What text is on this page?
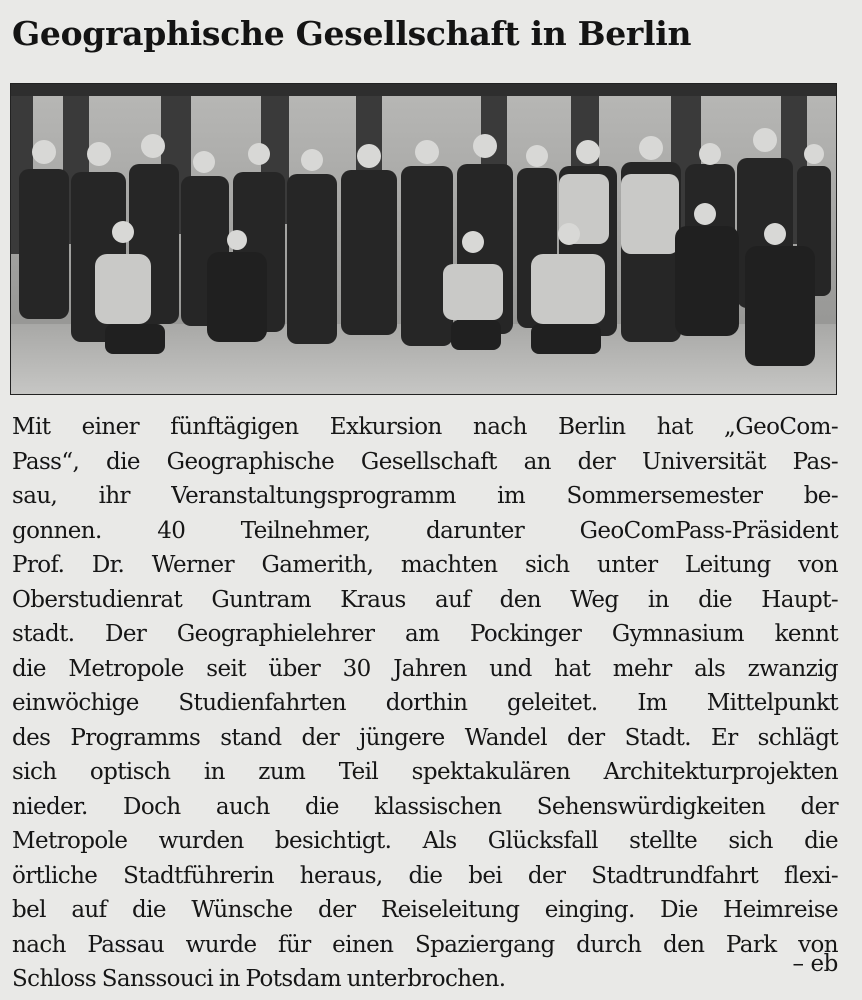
Geographische Gesellschaft in Berlin
Mit einer fünftägigen Exkursion nach Berlin hat „GeoCom-
Pass“, die Geographische Gesellschaft an der Universität Pas-
sau, ihr Veranstaltungsprogramm im Sommersemester be-
gonnen. 40 Teilnehmer, darunter GeoComPass-Präsident
Prof. Dr. Werner Gamerith, machten sich unter Leitung von
Oberstudienrat Guntram Kraus auf den Weg in die Haupt-
stadt. Der Geographielehrer am Pockinger Gymnasium kennt
die Metropole seit über 30 Jahren und hat mehr als zwanzig
einwöchige Studienfahrten dorthin geleitet. Im Mittelpunkt
des Programms stand der jüngere Wandel der Stadt. Er schlägt
sich optisch in zum Teil spektakulären Architekturprojekten
nieder. Doch auch die klassischen Sehenswürdigkeiten der
Metropole wurden besichtigt. Als Glücksfall stellte sich die
örtliche Stadtführerin heraus, die bei der Stadtrundfahrt flexi-
bel auf die Wünsche der Reiseleitung einging. Die Heimreise
nach Passau wurde für einen Spaziergang durch den Park von
Schloss Sanssouci in Potsdam unterbrochen.
– eb
